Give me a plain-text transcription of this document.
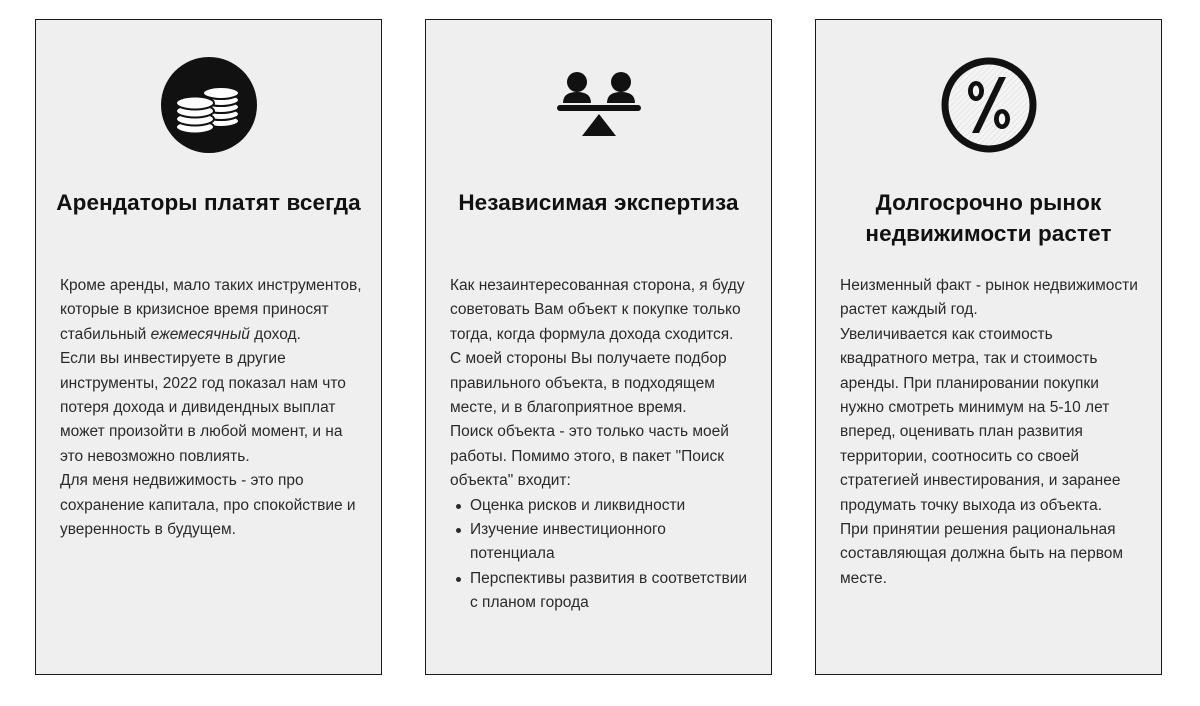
Арендаторы платят всегда

Кроме аренды, мало таких инструментов, которые в кризисное время приносят стабильный ежемесячный доход.

Если вы инвестируете в другие инструменты, 2022 год показал нам что потеря дохода и дивидендных выплат может произойти в любой момент, и на это невозможно повлиять.

Для меня недвижимость - это про сохранение капитала, про спокойствие и уверенность в будущем.

Независимая экспертиза

Как незаинтересованная сторона, я буду советовать Вам объект к покупке только тогда, когда формула дохода сходится.

С моей стороны Вы получаете подбор правильного объекта, в подходящем месте, и в благоприятное время.

Поиск объекта - это только часть моей работы. Помимо этого, в пакет "Поиск объекта" входит:

Оценка рисков и ликвидности
Изучение инвестиционного потенциала
Перспективы развития в соответствии с планом города
Долгосрочно рынок недвижимости растет

Неизменный факт - рынок недвижимости растет каждый год.

Увеличивается как стоимость квадратного метра, так и стоимость аренды. При планировании покупки нужно смотреть минимум на 5-10 лет вперед, оценивать план развития территории, соотносить со своей стратегией инвестирования, и заранее продумать точку выхода из объекта.

При принятии решения рациональная составляющая должна быть на первом месте.
